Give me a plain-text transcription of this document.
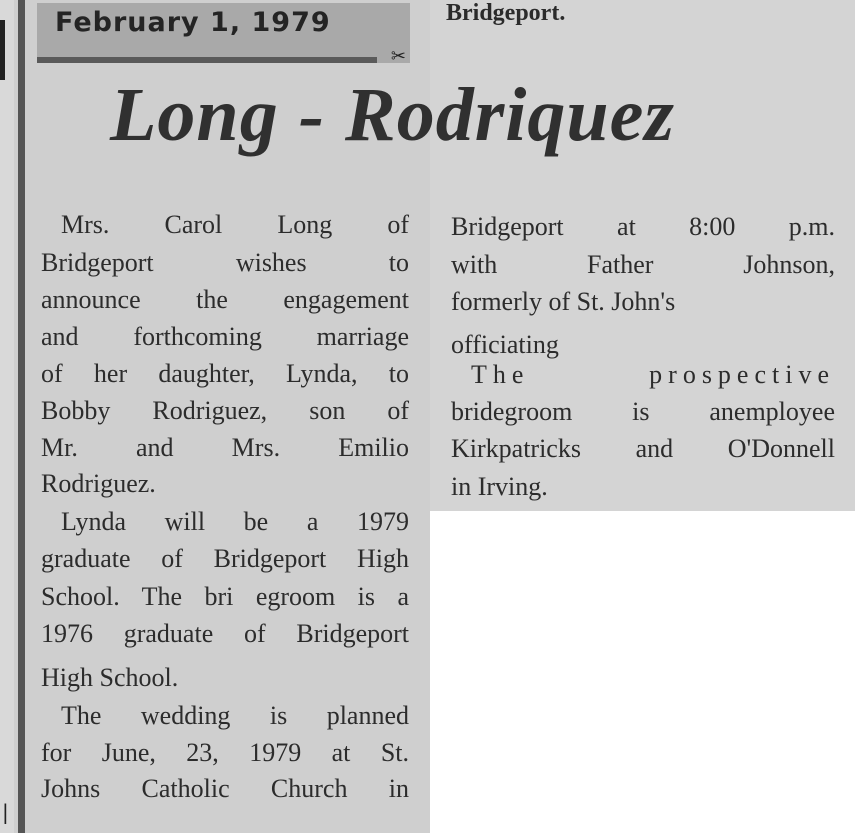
|
February 1, 1979
✂

Bridgeport.

Long - Rodriquez

Mrs. Carol Long of

Bridgeport wishes to

announce the engagement

and forthcoming marriage

of her daughter, Lynda, to

Bobby Rodriguez, son of

Mr. and Mrs. Emilio

Rodriguez.

Lynda will be a 1979

graduate of Bridgeport High

School. The bri egroom is a

1976 graduate of Bridgeport

High School.

The wedding is planned

for June, 23, 1979 at St.

Johns Catholic Church in

Bridgeport at 8:00 p.m.

with Father Johnson,

formerly of St. John's

officiating

The prospective

bridegroom is anemployee

Kirkpatricks and O'Donnell

in Irving.
